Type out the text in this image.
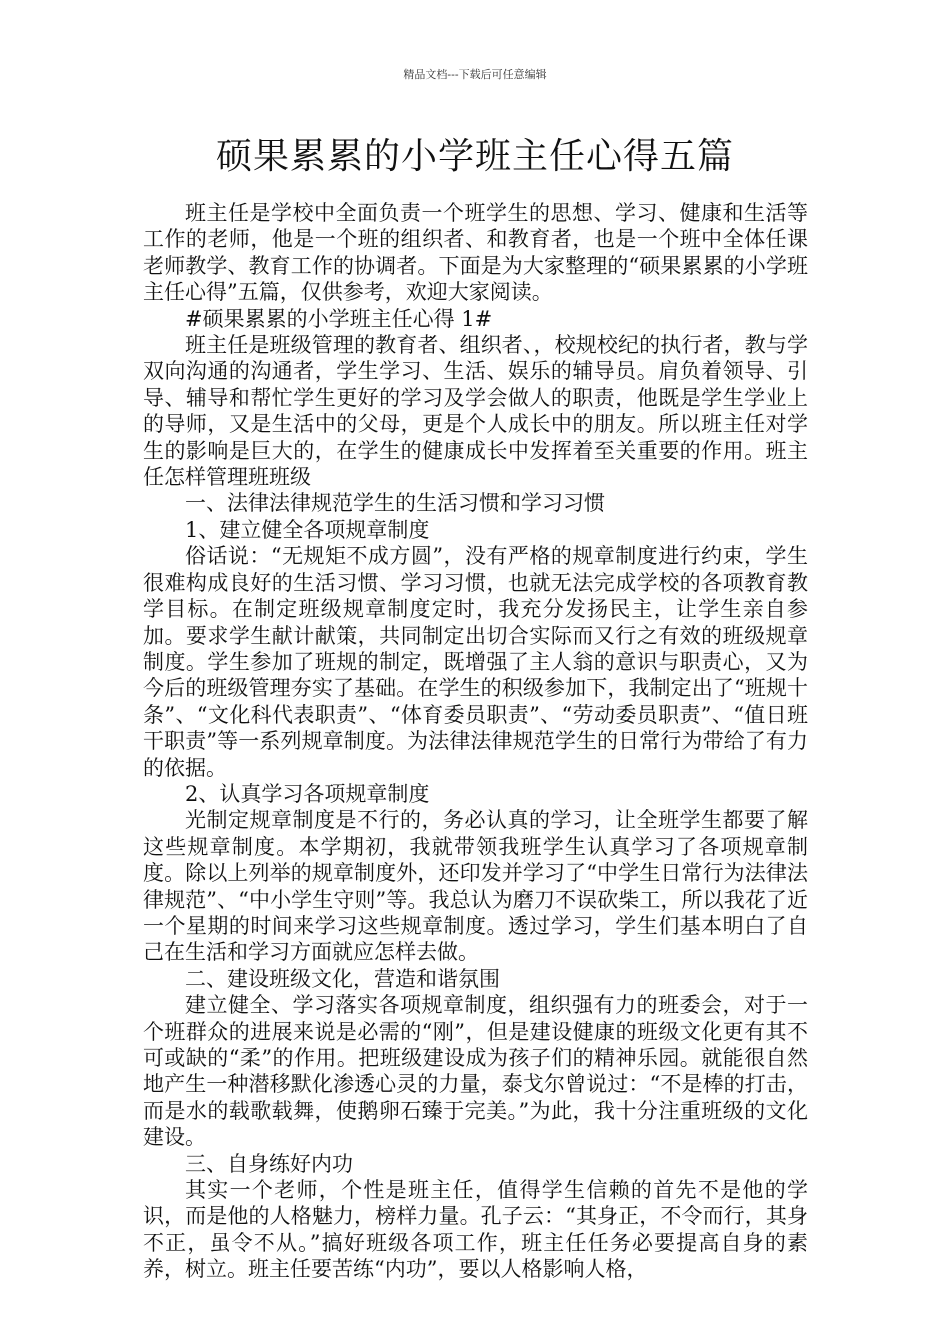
精品文档---下载后可任意编辑
硕果累累的小学班主任心得五篇

班主任是学校中全面负责一个班学生的思想、学习、健康和生活等工作的老师，他是一个班的组织者、和教育者，也是一个班中全体任课老师教学、教育工作的协调者。下面是为大家整理的“硕果累累的小学班主任心得”五篇，仅供参考，欢迎大家阅读。

#硕果累累的小学班主任心得 1#

班主任是班级管理的教育者、组织者、，校规校纪的执行者，教与学双向沟通的沟通者，学生学习、生活、娱乐的辅导员。肩负着领导、引导、辅导和帮忙学生更好的学习及学会做人的职责，他既是学生学业上的导师，又是生活中的父母，更是个人成长中的朋友。所以班主任对学生的影响是巨大的，在学生的健康成长中发挥着至关重要的作用。班主任怎样管理班班级

一、法律法律规范学生的生活习惯和学习习惯

1、建立健全各项规章制度

俗话说：“无规矩不成方圆”，没有严格的规章制度进行约束，学生很难构成良好的生活习惯、学习习惯，也就无法完成学校的各项教育教学目标。在制定班级规章制度定时，我充分发扬民主，让学生亲自参加。要求学生献计献策，共同制定出切合实际而又行之有效的班级规章制度。学生参加了班规的制定，既增强了主人翁的意识与职责心，又为今后的班级管理夯实了基础。在学生的积级参加下，我制定出了“班规十条”、“文化科代表职责”、“体育委员职责”、“劳动委员职责”、“值日班干职责”等一系列规章制度。为法律法律规范学生的日常行为带给了有力的依据。

2、认真学习各项规章制度

光制定规章制度是不行的，务必认真的学习，让全班学生都要了解这些规章制度。本学期初，我就带领我班学生认真学习了各项规章制度。除以上列举的规章制度外，还印发并学习了“中学生日常行为法律法律规范”、“中小学生守则”等。我总认为磨刀不误砍柴工，所以我花了近一个星期的时间来学习这些规章制度。透过学习，学生们基本明白了自己在生活和学习方面就应怎样去做。

二、建设班级文化，营造和谐氛围

建立健全、学习落实各项规章制度，组织强有力的班委会，对于一个班群众的进展来说是必需的“刚”，但是建设健康的班级文化更有其不可或缺的“柔”的作用。把班级建设成为孩子们的精神乐园。就能很自然地产生一种潜移默化渗透心灵的力量，泰戈尔曾说过：“不是棒的打击，而是水的载歌载舞，使鹅卵石臻于完美。”为此，我十分注重班级的文化建设。

三、自身练好内功

其实一个老师，个性是班主任，值得学生信赖的首先不是他的学识，而是他的人格魅力，榜样力量。孔子云：“其身正，不令而行，其身不正，虽令不从。”搞好班级各项工作，班主任任务必要提高自身的素养，树立。班主任要苦练“内功”，要以人格影响人格，
